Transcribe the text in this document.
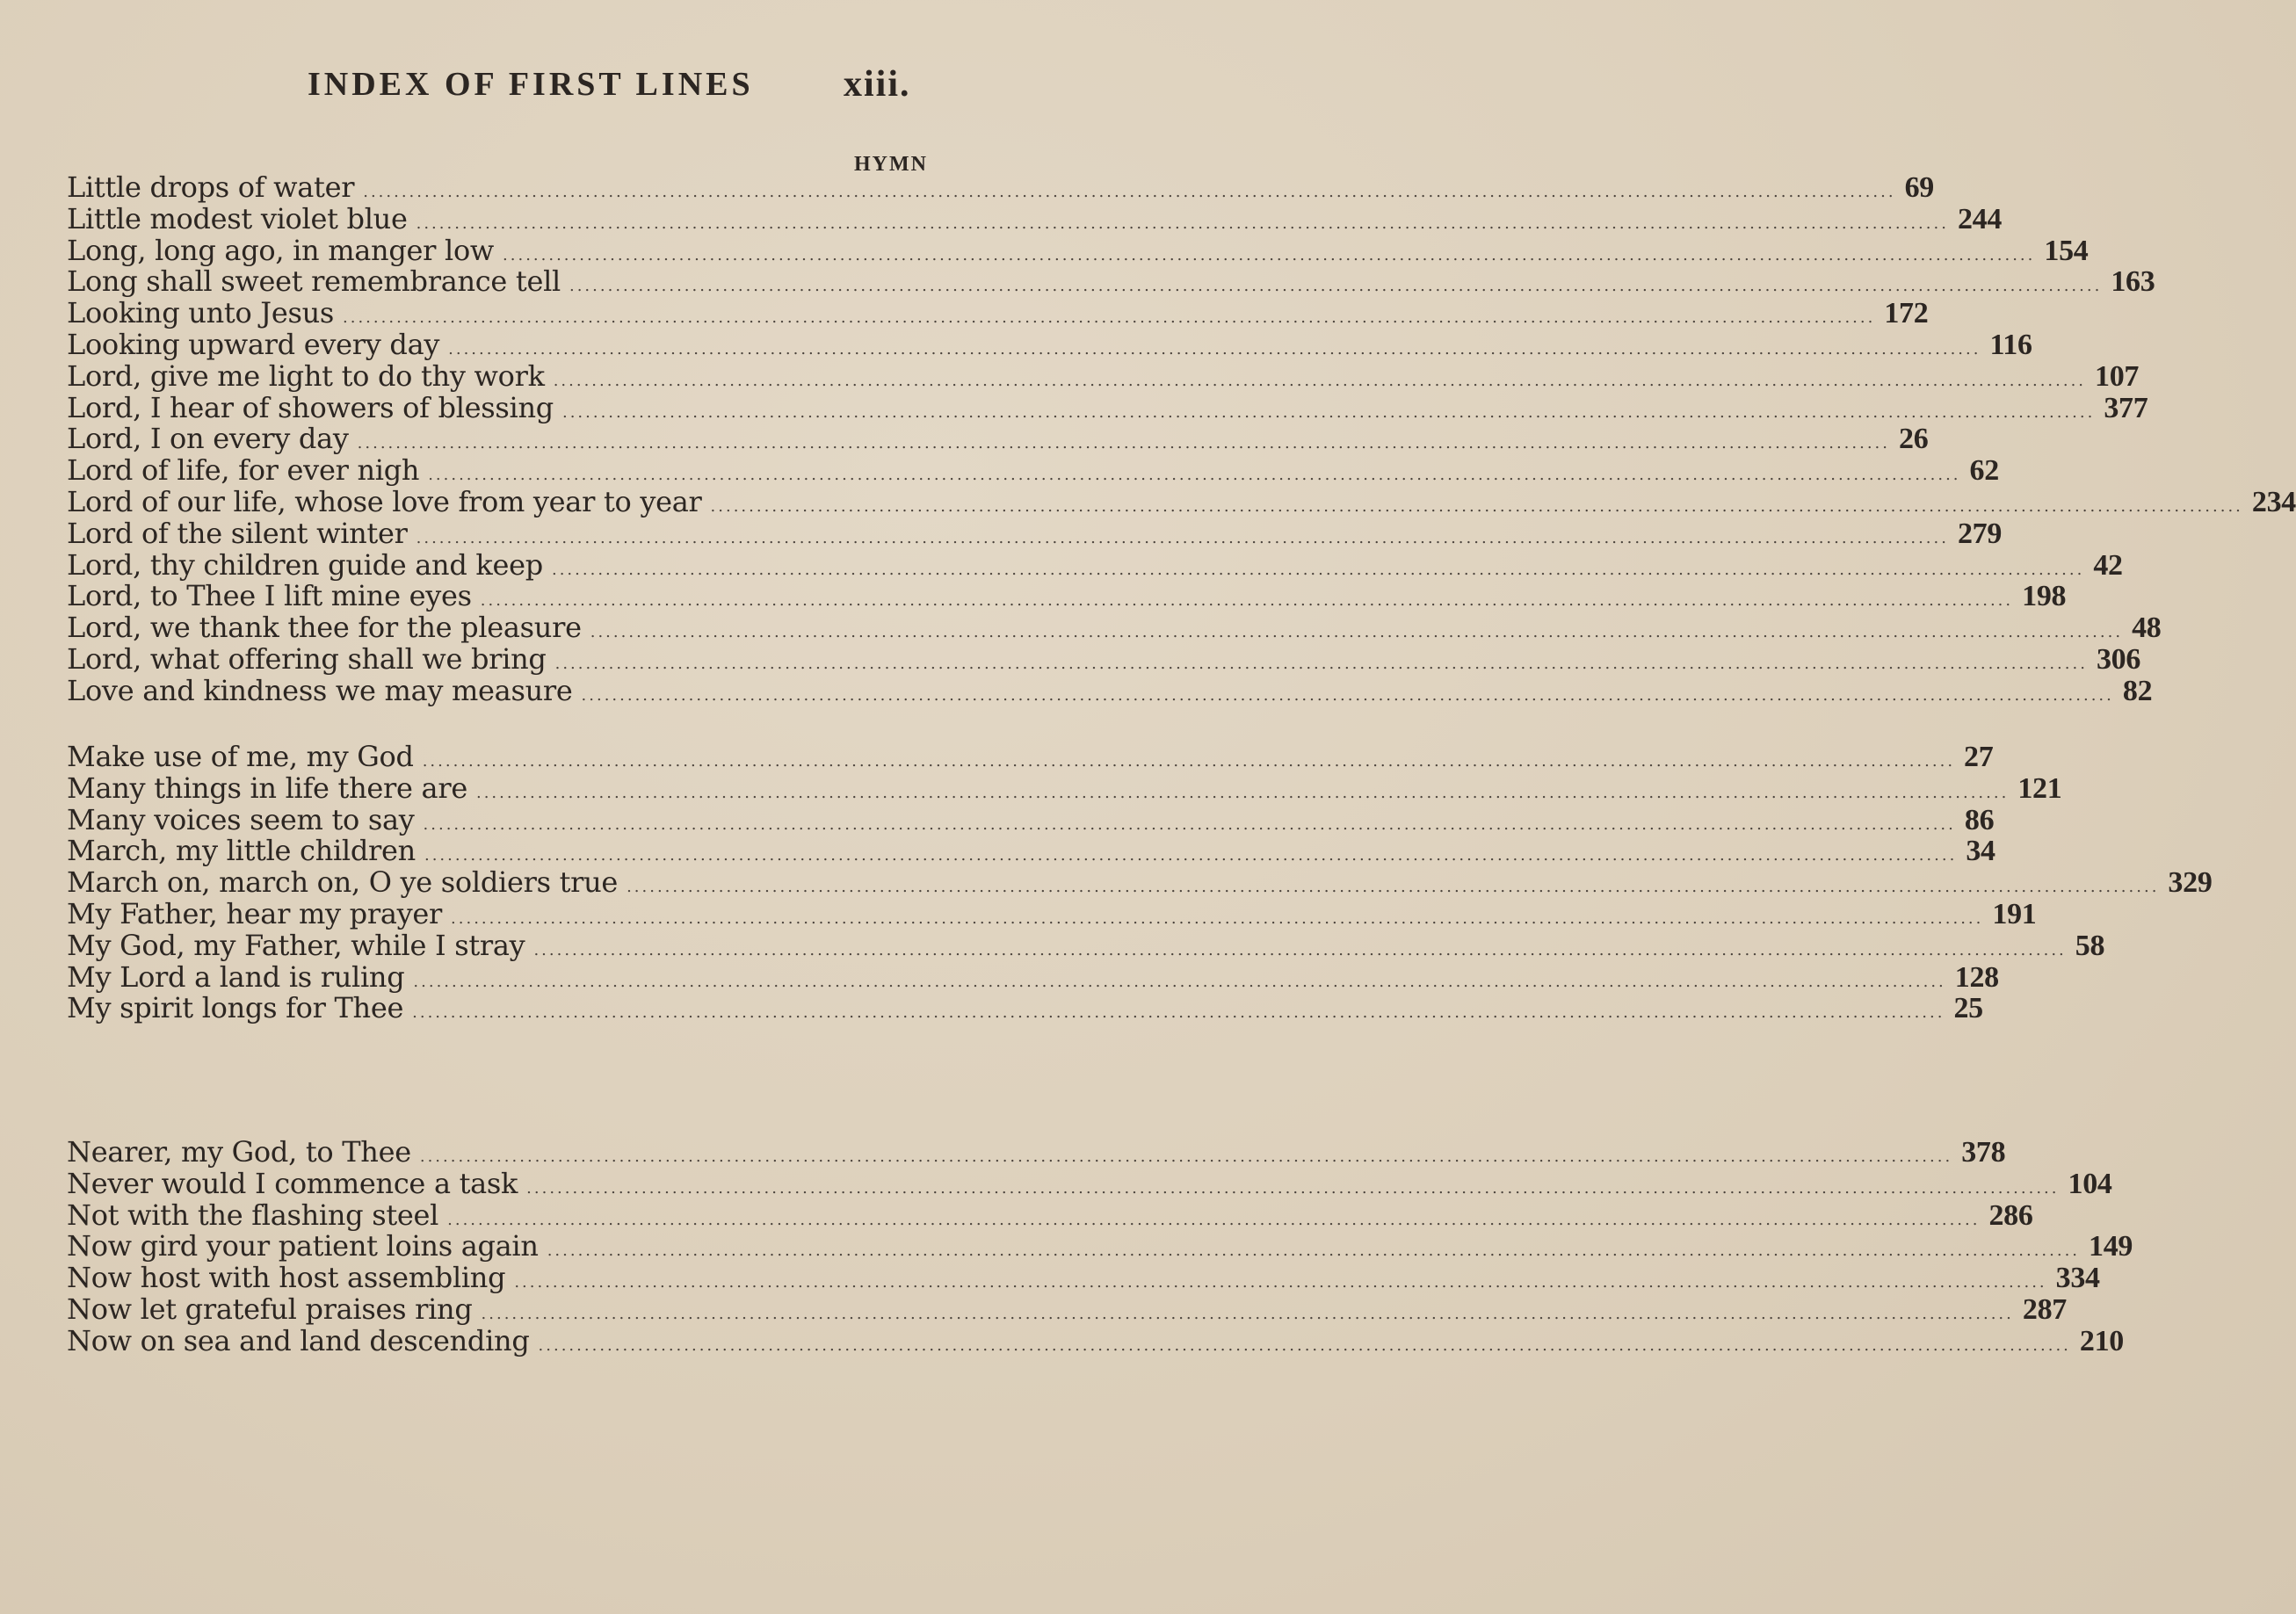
INDEX OF FIRST LINES xiii.
HYMN
Little drops of water ........................................................................................................................................................................................................ 69
Little modest violet blue ........................................................................................................................................................................................................ 244
Long, long ago, in manger low ........................................................................................................................................................................................................ 154
Long shall sweet remembrance tell ........................................................................................................................................................................................................ 163
Looking unto Jesus ........................................................................................................................................................................................................ 172
Looking upward every day ........................................................................................................................................................................................................ 116
Lord, give me light to do thy work ........................................................................................................................................................................................................ 107
Lord, I hear of showers of blessing ........................................................................................................................................................................................................ 377
Lord, I on every day ........................................................................................................................................................................................................ 26
Lord of life, for ever nigh ........................................................................................................................................................................................................ 62
Lord of our life, whose love from year to year ........................................................................................................................................................................................................ 234
Lord of the silent winter ........................................................................................................................................................................................................ 279
Lord, thy children guide and keep ........................................................................................................................................................................................................ 42
Lord, to Thee I lift mine eyes ........................................................................................................................................................................................................ 198
Lord, we thank thee for the pleasure ........................................................................................................................................................................................................ 48
Lord, what offering shall we bring ........................................................................................................................................................................................................ 306
Love and kindness we may measure ........................................................................................................................................................................................................ 82
Make use of me, my God ........................................................................................................................................................................................................ 27
Many things in life there are ........................................................................................................................................................................................................ 121
Many voices seem to say ........................................................................................................................................................................................................ 86
March, my little children ........................................................................................................................................................................................................ 34
March on, march on, O ye soldiers true ........................................................................................................................................................................................................ 329
My Father, hear my prayer ........................................................................................................................................................................................................ 191
My God, my Father, while I stray ........................................................................................................................................................................................................ 58
My Lord a land is ruling ........................................................................................................................................................................................................ 128
My spirit longs for Thee ........................................................................................................................................................................................................ 25
Nearer, my God, to Thee ........................................................................................................................................................................................................ 378
Never would I commence a task ........................................................................................................................................................................................................ 104
Not with the flashing steel ........................................................................................................................................................................................................ 286
Now gird your patient loins again ........................................................................................................................................................................................................ 149
Now host with host assembling ........................................................................................................................................................................................................ 334
Now let grateful praises ring ........................................................................................................................................................................................................ 287
Now on sea and land descending ........................................................................................................................................................................................................ 210
